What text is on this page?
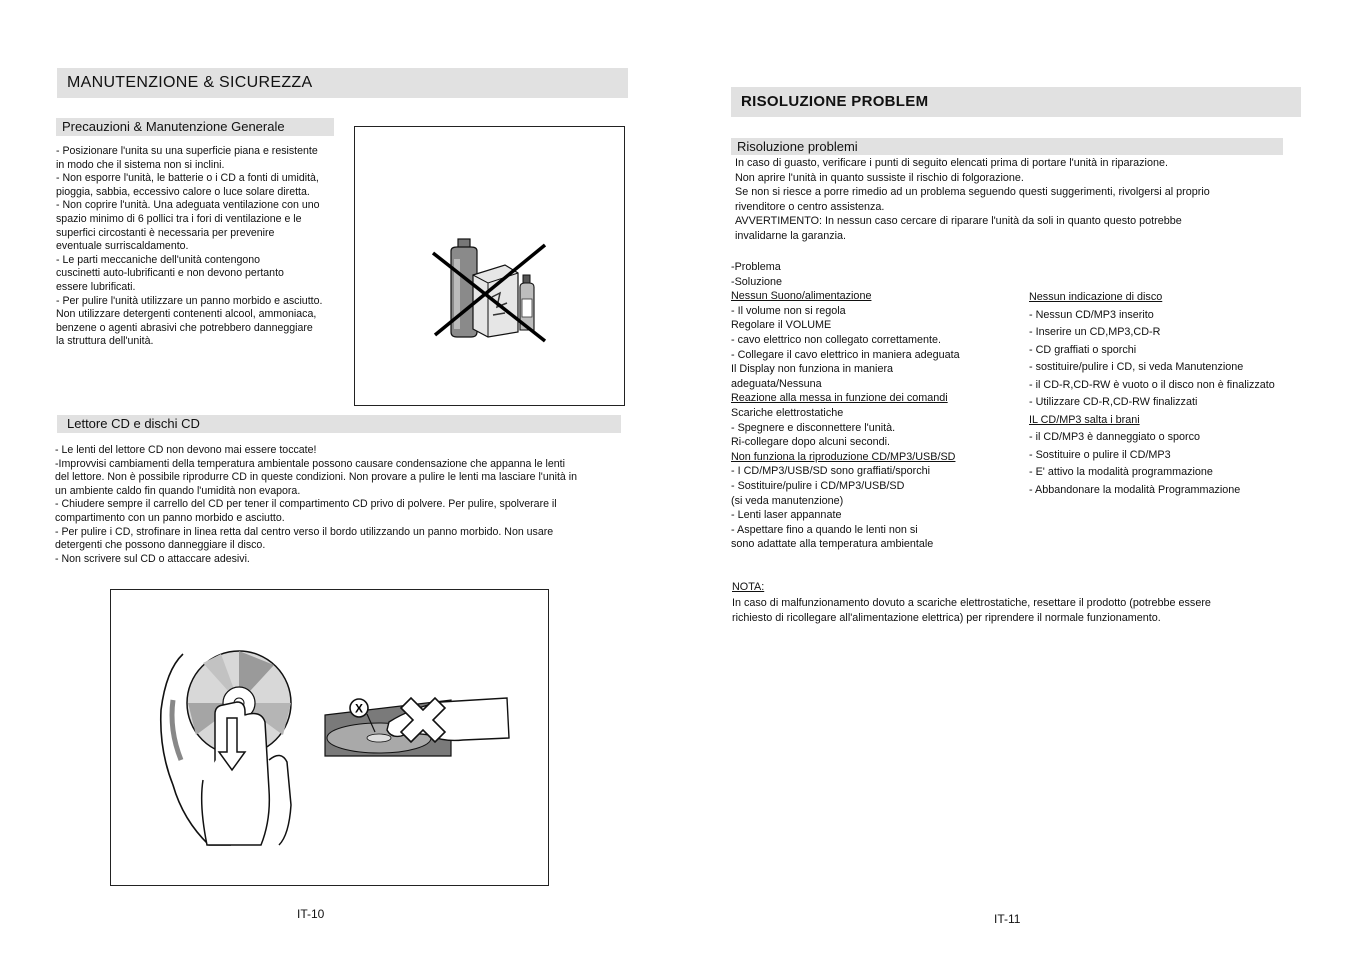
MANUTENZIONE & SICUREZZA
Precauzioni & Manutenzione Generale
- Posizionare l'unita su una superficie piana e resistente
in modo che il sistema non si inclini.
- Non esporre l'unità, le batterie o i CD a fonti di umidità,
pioggia, sabbia, eccessivo calore o luce solare diretta.
- Non coprire l'unità. Una adeguata ventilazione con uno
spazio minimo di 6 pollici tra i fori di ventilazione e le
superfici circostanti è necessaria per prevenire
eventuale surriscaldamento.
- Le parti meccaniche dell'unità contengono
cuscinetti auto-lubrificanti e non devono pertanto
essere lubrificati.
- Per pulire l'unità utilizzare un panno morbido e asciutto.
Non utilizzare detergenti contenenti alcool, ammoniaca,
benzene o agenti abrasivi che potrebbero danneggiare
la struttura dell'unità.
Lettore CD e dischi CD
- Le lenti del lettore CD non devono mai essere toccate!
-Improvvisi cambiamenti della temperatura ambientale possono causare condensazione che appanna le lenti
del lettore. Non è possibile riprodurre CD in queste condizioni. Non provare a pulire le lenti ma lasciare l'unità in
un ambiente caldo fin quando l'umidità non evapora.
- Chiudere sempre il carrello del CD per tener il compartimento CD privo di polvere. Per pulire, spolverare il
compartimento con un panno morbido e asciutto.
- Per pulire i CD, strofinare in linea retta dal centro verso il bordo utilizzando un panno morbido. Non usare
detergenti che possono danneggiare il disco.
- Non scrivere sul CD o attaccare adesivi.
X
IT-10
RISOLUZIONE PROBLEM
Risoluzione problemi
In caso di guasto, verificare i punti di seguito elencati prima di portare l'unità in riparazione.
Non aprire l'unità in quanto sussiste il rischio di folgorazione.
Se non si riesce a porre rimedio ad un problema seguendo questi suggerimenti, rivolgersi al proprio
rivenditore o centro assistenza.
AVVERTIMENTO: In nessun caso cercare di riparare l'unità da soli in quanto questo potrebbe
invalidarne la garanzia.
-Problema
-Soluzione
Nessun Suono/alimentazione
- Il volume non si regola
Regolare il VOLUME
- cavo elettrico non collegato correttamente.
- Collegare il cavo elettrico in maniera adeguata
Il Display non funziona in maniera
adeguata/Nessuna
Reazione alla messa in funzione dei comandi
Scariche elettrostatiche
- Spegnere e disconnettere l'unità.
Ri-collegare dopo alcuni secondi.
Non funziona la riproduzione CD/MP3/USB/SD
- I CD/MP3/USB/SD sono graffiati/sporchi
- Sostituire/pulire i CD/MP3/USB/SD
(si veda manutenzione)
- Lenti laser appannate
- Aspettare fino a quando le lenti non si
sono adattate alla temperatura ambientale
Nessun indicazione di disco
- Nessun CD/MP3 inserito
- Inserire un CD,MP3,CD-R
- CD graffiati o sporchi
- sostituire/pulire i CD, si veda Manutenzione
- il CD-R,CD-RW è vuoto o il disco non è finalizzato
- Utilizzare CD-R,CD-RW finalizzati
IL CD/MP3 salta i brani
- il CD/MP3 è danneggiato o sporco
- Sostituire o pulire il CD/MP3
- E' attivo la modalità programmazione
- Abbandonare la modalità Programmazione
NOTA:
In caso di malfunzionamento dovuto a scariche elettrostatiche, resettare il prodotto (potrebbe essere
richiesto di ricollegare all'alimentazione elettrica) per riprendere il normale funzionamento.
IT-11
